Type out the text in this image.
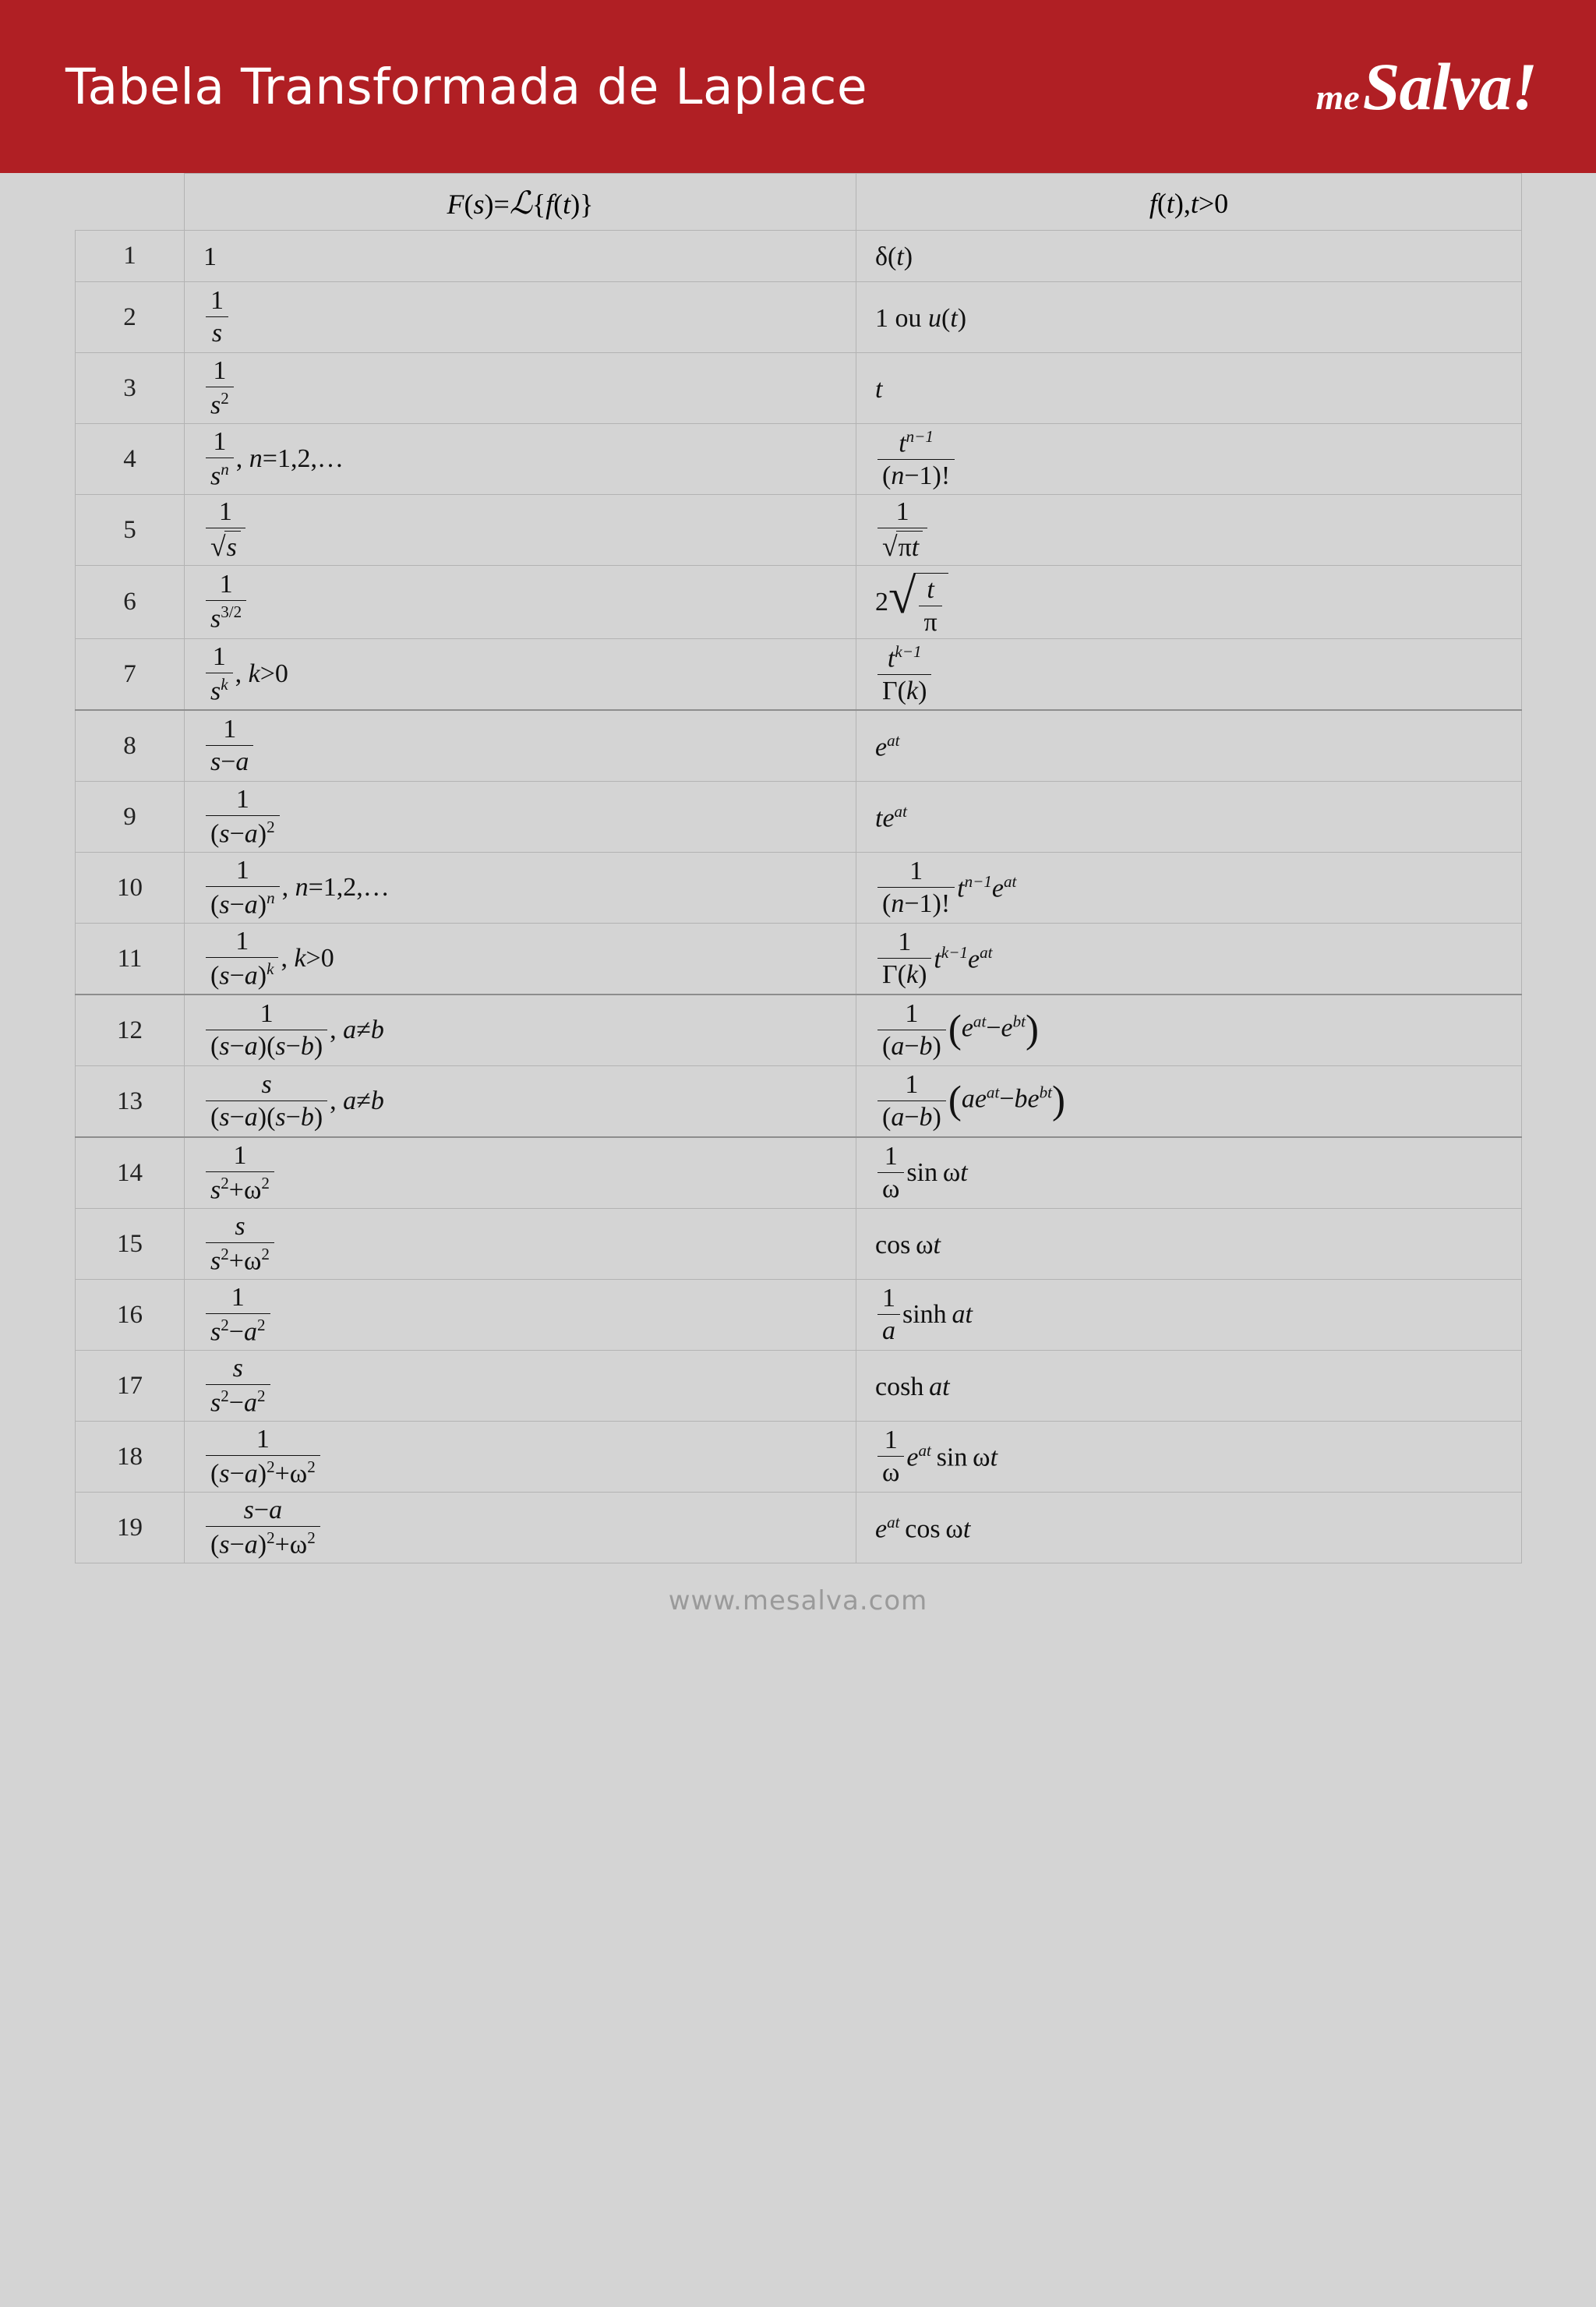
Tabela Transformada de Laplace	me Salva!
	F(s)=ℒ{f(t)}	f(t),t>0
1	1	δ(t)
2	$\frac{1}{s}$	1 ou u(t)
3	$\frac{1}{s^2}$	t
4	$\frac{1}{s^n}$ , n=1,2,…	$\frac{t^{n-1}}{(n-1)!}$

5	$\frac{1}{√s}$	$\frac{1}{√\pi t}$

6	$\frac{1}{s^{3/2}}$	$2√ \frac{t}{\pi}$

7	$\frac{1}{s^k}$ , k>0	$\frac{t^{k-1}}{\Gamma(k)}$

8	$\frac{1}{s-a}$	$e^{at}$
9	$\frac{1}{(s-a)^2}$	$te^{at}$
10	$\frac{1}{(s-a)^n}$ , n=1,2,…	$\frac{1}{(n-1)!} t^{n-1}e^{at}$
11	$\frac{1}{(s-a)^k}$ , k>0	$\frac{1}{\Gamma(k)} t^{k-1}e^{at}$
12	$\frac{1}{(s-a)(s-b)}$ , a≠b	$\frac{1}{(a-b)} (e^{at}-e^{bt})$
13	$\frac{s}{(s-a)(s-b)}$ , a≠b	$\frac{1}{(a-b)} (ae^{at}-be^{bt})$
14	$\frac{1}{s^2+\omega^2}$	$\frac{1}{\omega}$ sin ωt
15	$\frac{s}{s^2+\omega^2}$	cos ωt
16	$\frac{1}{s^2-a^2}$	$\frac{1}{a}$ sinh at
17	$\frac{s}{s^2-a^2}$	cosh at
18	$\frac{1}{(s-a)^2+\omega^2}$	$\frac{1}{\omega} e^{at}$ sin ωt
19	$\frac{s-a}{(s-a)^2+\omega^2}$	$e^{at}$ cos ωt
www.mesalva.com
